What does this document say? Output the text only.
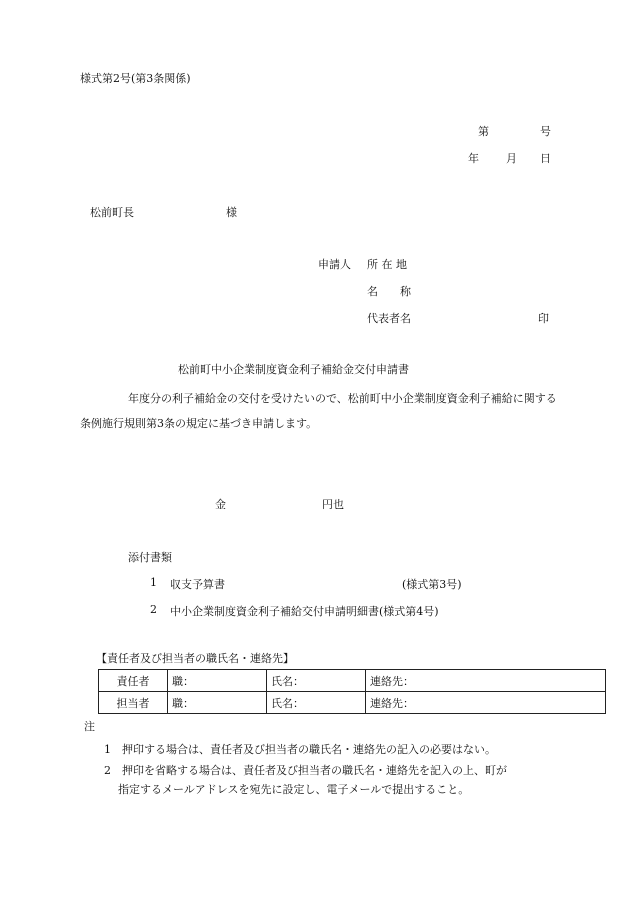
様式第2号(第3条関係)
第	号
年 月 日
松前町長	様
申請人 所 在 地
名　　称
代表者名	印
松前町中小企業制度資金利子補給金交付申請書
年度分の利子補給金の交付を受けたいので、松前町中小企業制度資金利子補給に関する
条例施行規則第3条の規定に基づき申請します。
金	円也
添付書類
1 収支予算書	(様式第3号)
2 中小企業制度資金利子補給交付申請明細書(様式第4号)
【責任者及び担当者の職氏名・連絡先】
責任者	職：	氏名：	連絡先：
担当者	職：	氏名：	連絡先：
注
1　押印する場合は、責任者及び担当者の職氏名・連絡先の記入の必要はない。
2　押印を省略する場合は、責任者及び担当者の職氏名・連絡先を記入の上、町が
指定するメールアドレスを宛先に設定し、電子メールで提出すること。
